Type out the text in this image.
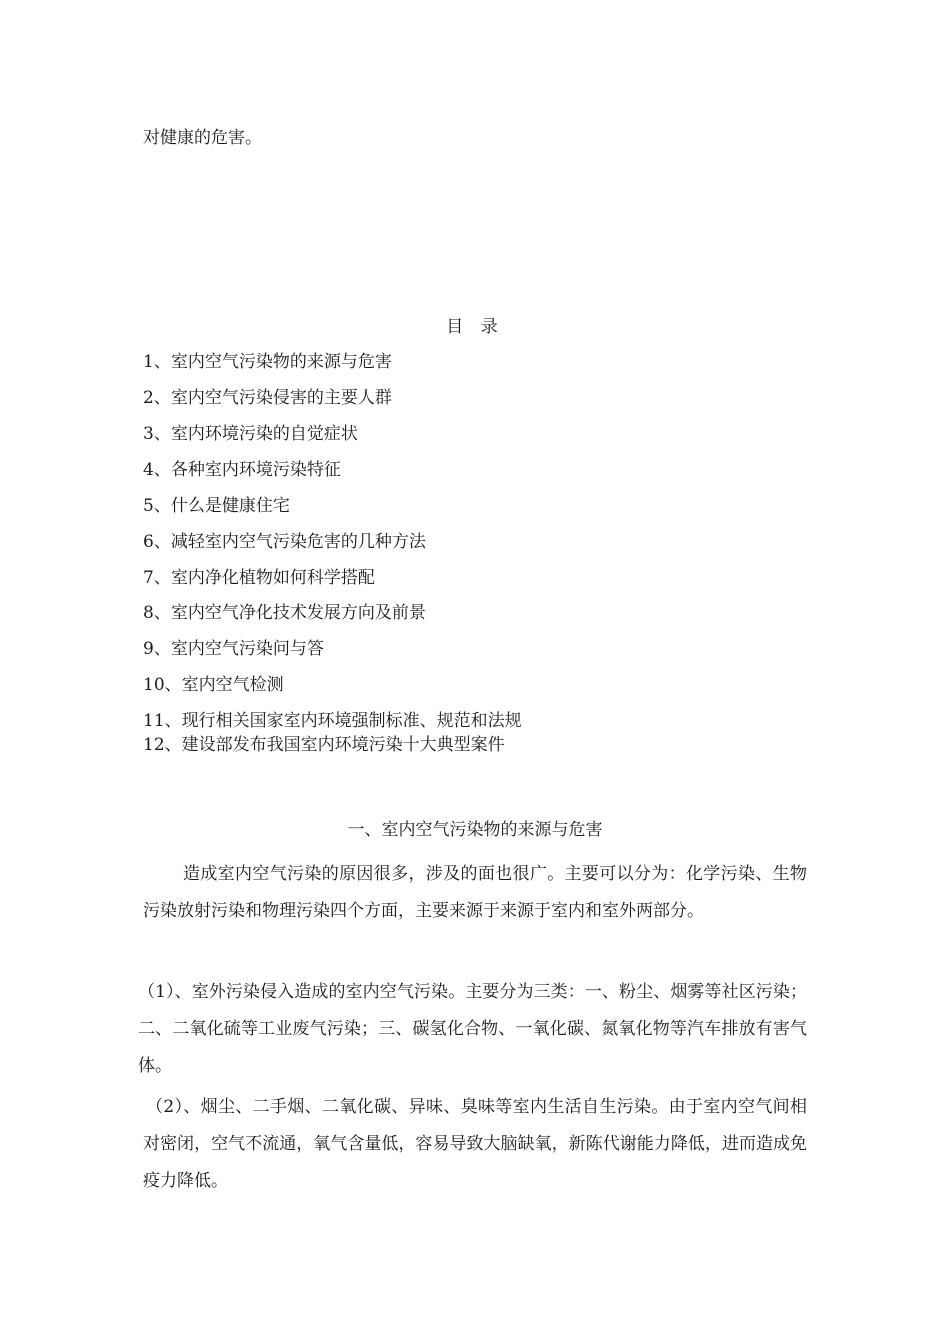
对健康的危害。
目 录
1、室内空气污染物的来源与危害
2、室内空气污染侵害的主要人群
3、室内环境污染的自觉症状
4、各种室内环境污染特征
5、什么是健康住宅
6、减轻室内空气污染危害的几种方法
7、室内净化植物如何科学搭配
8、室内空气净化技术发展方向及前景
9、室内空气污染问与答
10、室内空气检测
11、现行相关国家室内环境强制标准、规范和法规
12、建设部发布我国室内环境污染十大典型案件
一、室内空气污染物的来源与危害
造成室内空气污染的原因很多，涉及的面也很广。主要可以分为：化学污染、生物污染放射污染和物理污染四个方面，主要来源于来源于室内和室外两部分。
（1）、室外污染侵入造成的室内空气污染。主要分为三类：一、粉尘、烟雾等社区污染；二、二氧化硫等工业废气污染；三、碳氢化合物、一氧化碳、氮氧化物等汽车排放有害气体。
（2）、烟尘、二手烟、二氧化碳、异味、臭味等室内生活自生污染。由于室内空气间相对密闭，空气不流通，氧气含量低，容易导致大脑缺氧，新陈代谢能力降低，进而造成免疫力降低。
